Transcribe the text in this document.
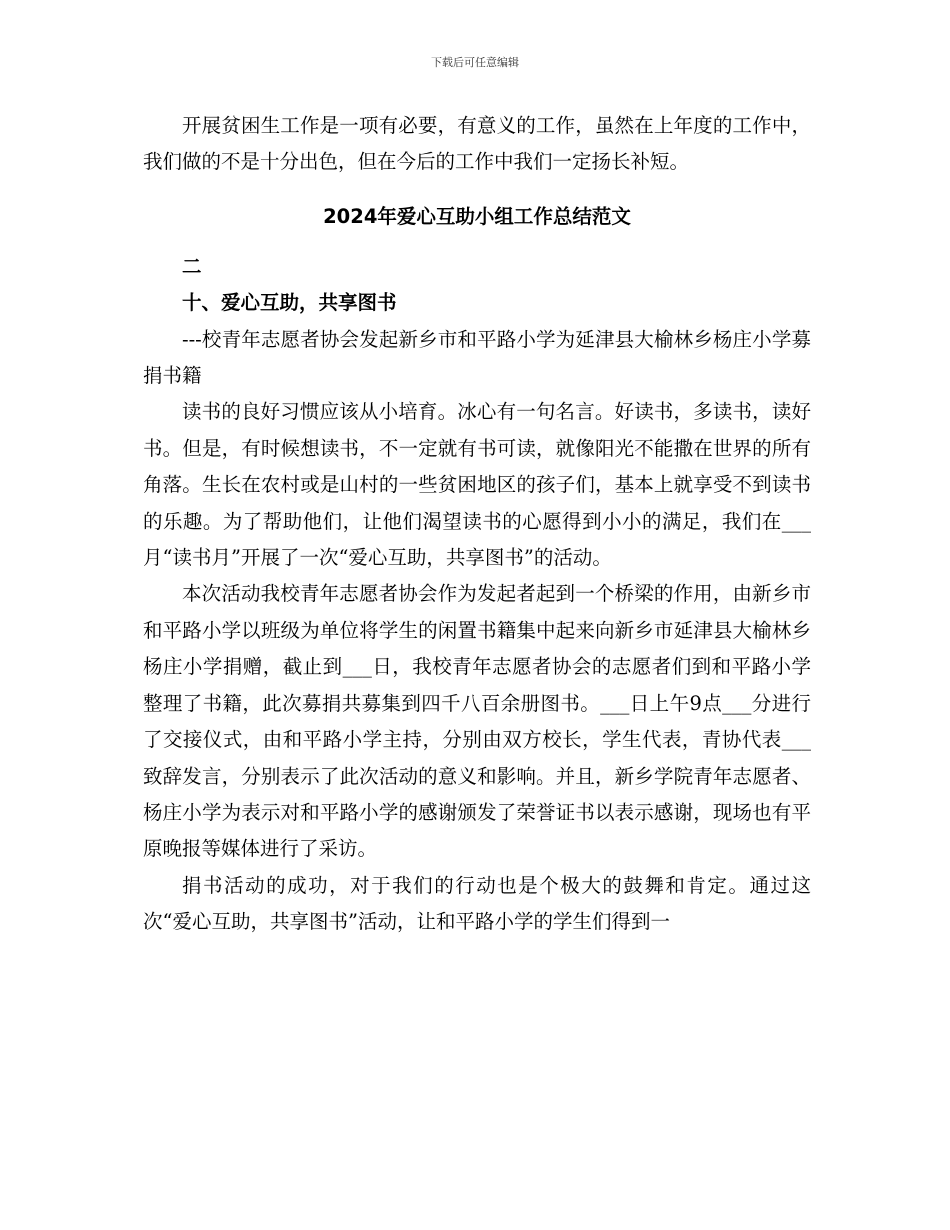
下载后可任意编辑

开展贫困生工作是一项有必要，有意义的工作，虽然在上年度的工作中，我们做的不是十分出色，但在今后的工作中我们一定扬长补短。

2024年爱心互助小组工作总结范文

二

十、爱心互助，共享图书

---校青年志愿者协会发起新乡市和平路小学为延津县大榆林乡杨庄小学募捐书籍

读书的良好习惯应该从小培育。冰心有一句名言。好读书，多读书，读好书。但是，有时候想读书，不一定就有书可读，就像阳光不能撒在世界的所有角落。生长在农村或是山村的一些贫困地区的孩子们，基本上就享受不到读书的乐趣。为了帮助他们，让他们渴望读书的心愿得到小小的满足，我们在___月“读书月”开展了一次“爱心互助，共享图书”的活动。

本次活动我校青年志愿者协会作为发起者起到一个桥梁的作用，由新乡市和平路小学以班级为单位将学生的闲置书籍集中起来向新乡市延津县大榆林乡杨庄小学捐赠，截止到___日，我校青年志愿者协会的志愿者们到和平路小学整理了书籍，此次募捐共募集到四千八百余册图书。___日上午9点___分进行了交接仪式，由和平路小学主持，分别由双方校长，学生代表，青协代表___致辞发言，分别表示了此次活动的意义和影响。并且，新乡学院青年志愿者、杨庄小学为表示对和平路小学的感谢颁发了荣誉证书以表示感谢，现场也有平原晚报等媒体进行了采访。

捐书活动的成功，对于我们的行动也是个极大的鼓舞和肯定。通过这次“爱心互助，共享图书”活动，让和平路小学的学生们得到一
